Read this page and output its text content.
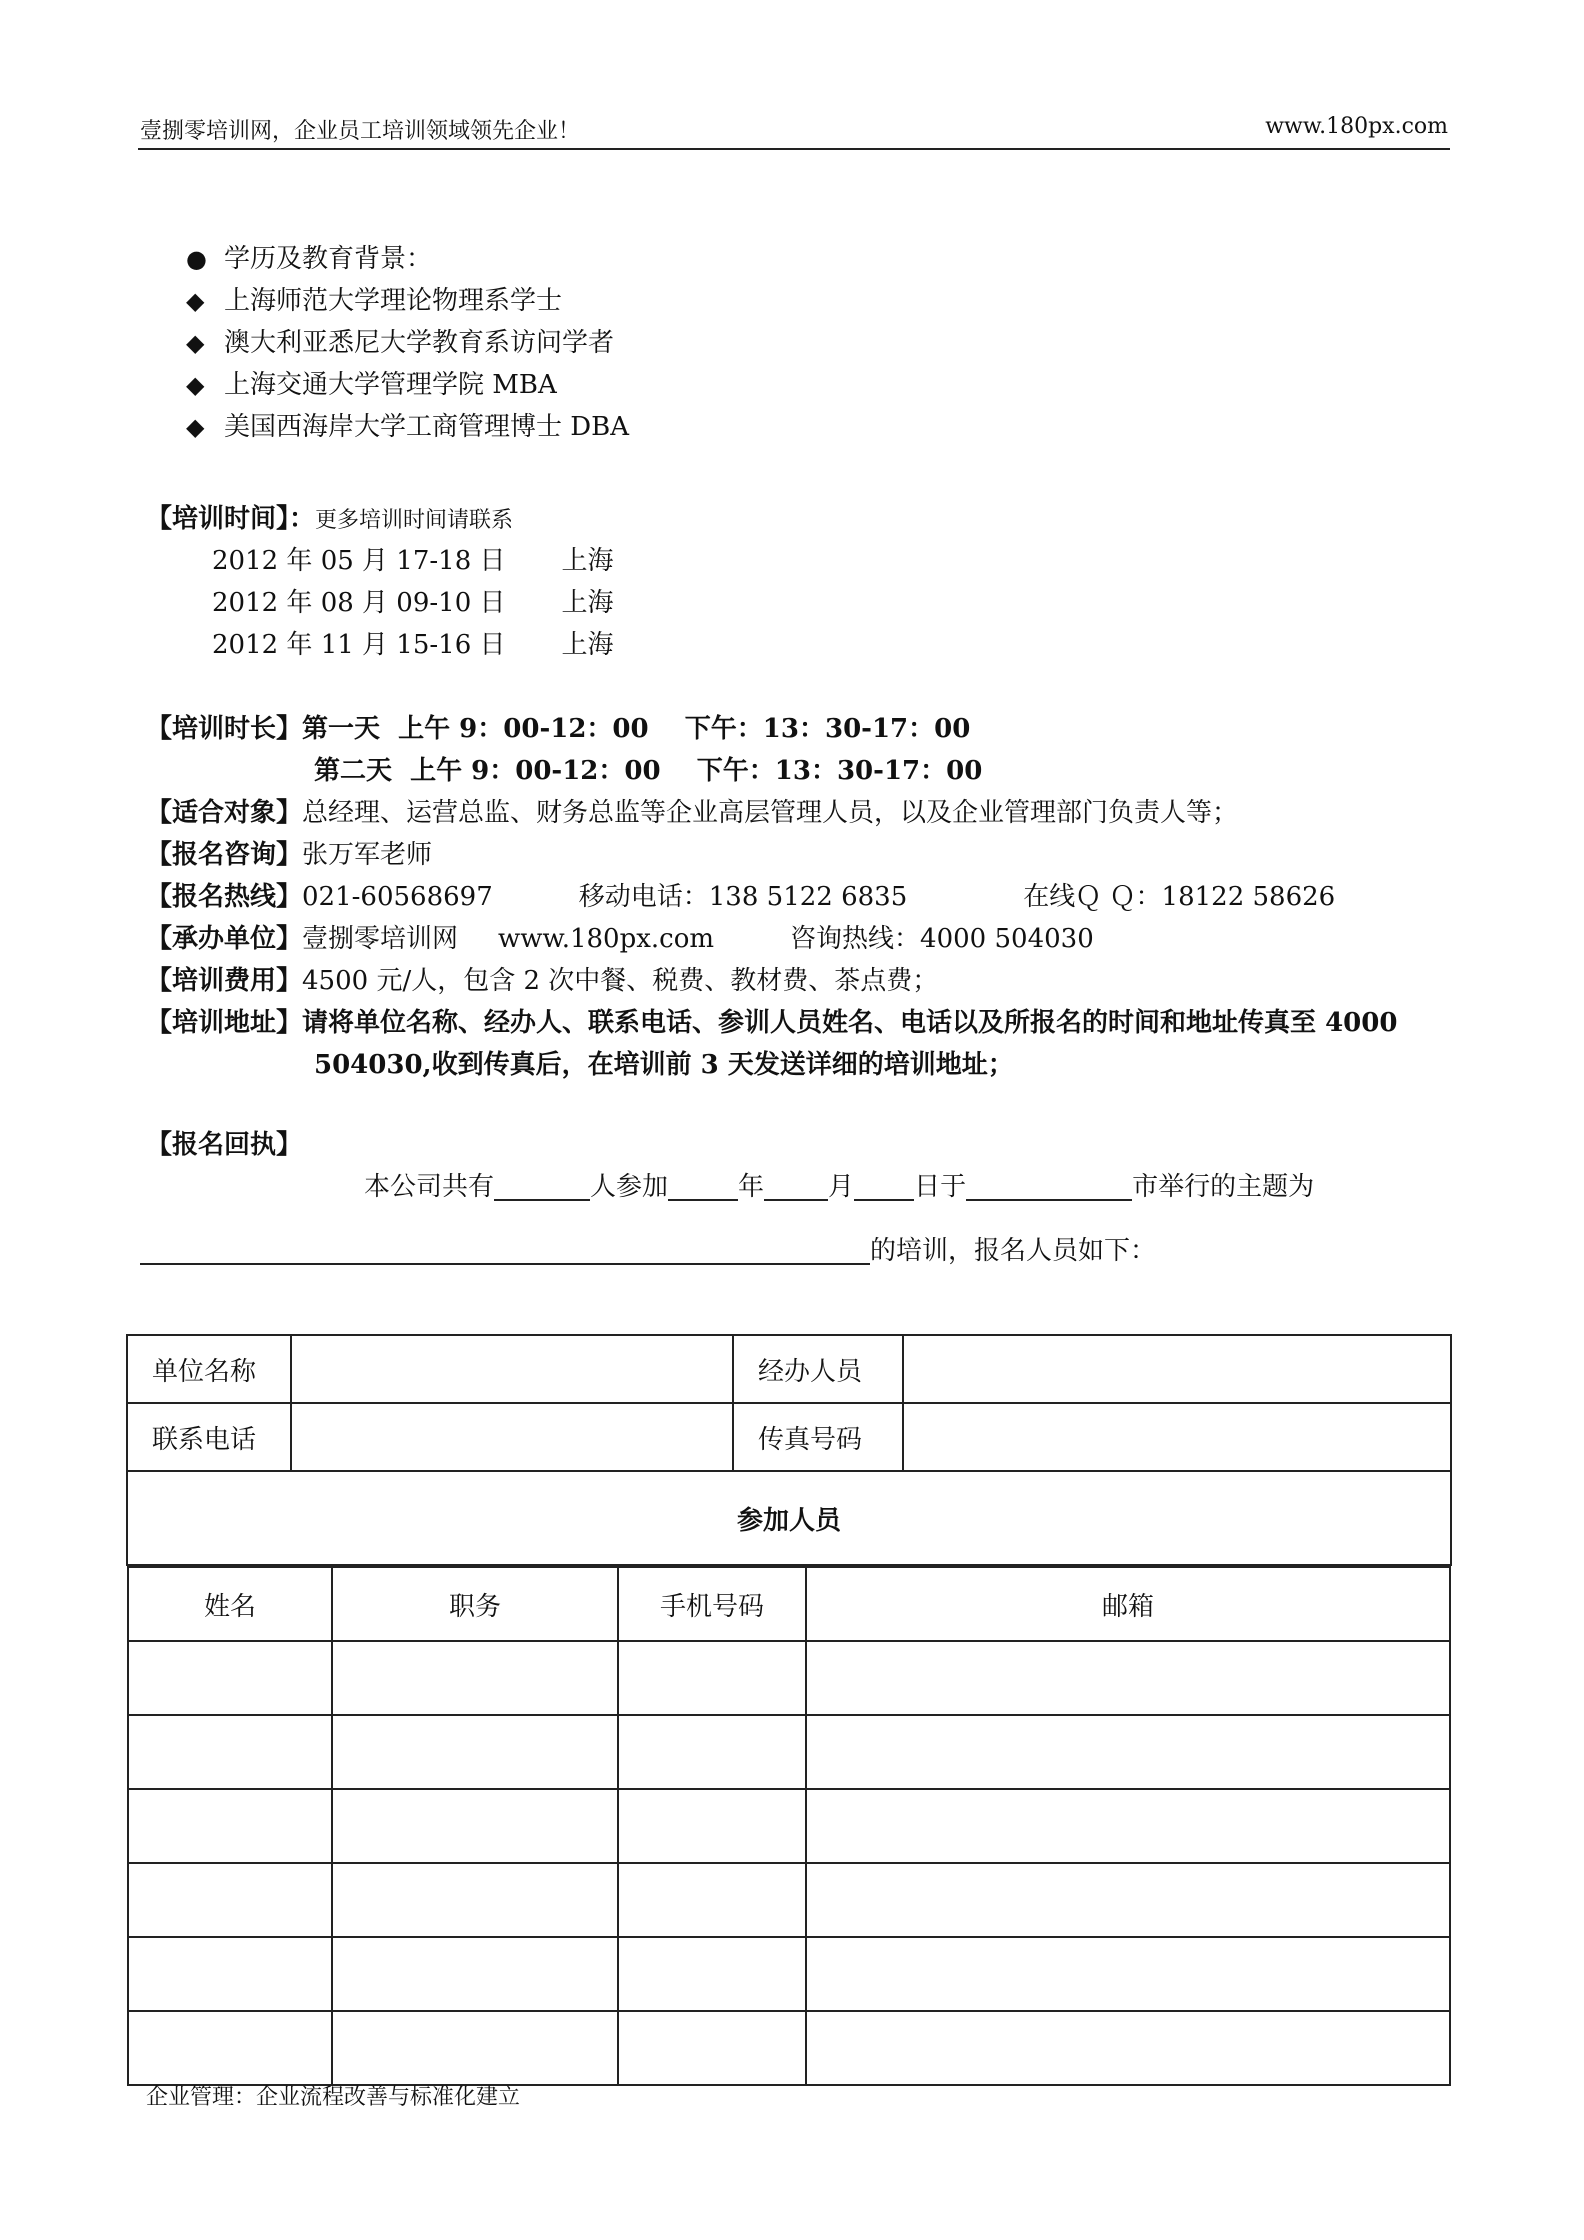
壹捌零培训网，企业员工培训领域领先企业！	www.180px.com
● 学历及教育背景：
◆ 上海师范大学理论物理系学士
◆ 澳大利亚悉尼大学教育系访问学者
◆ 上海交通大学管理学院 MBA
◆ 美国西海岸大学工商管理博士 DBA
【培训时间】：更多培训时间请联系
2012 年 05 月 17-18 日 上海
2012 年 08 月 09-10 日 上海
2012 年 11 月 15-16 日 上海
【培训时长】第一天  上午 9：00-12：00    下午：13：30-17：00
第二天  上午 9：00-12：00    下午：13：30-17：00
【适合对象】总经理、运营总监、财务总监等企业高层管理人员，以及企业管理部门负责人等；
【报名咨询】张万军老师
【报名热线】021-60568697	移动电话：138 5122 6835	在线Ｑ Ｑ：18122 58626
【承办单位】壹捌零培训网 www.180px.com	咨询热线：4000 504030
【培训费用】4500 元/人，包含 2 次中餐、税费、教材费、茶点费；
【培训地址】请将单位名称、经办人、联系电话、参训人员姓名、电话以及所报名的时间和地址传真至 4000
504030,收到传真后，在培训前 3 天发送详细的培训地址；
【报名回执】
本公司共有	人参加	年 月 日于	市举行的主题为
的培训，报名人员如下：
单位名称		经办人员	
联系电话		传真号码	
参加人员

姓名	职务	手机号码	邮箱

企业管理：企业流程改善与标准化建立
